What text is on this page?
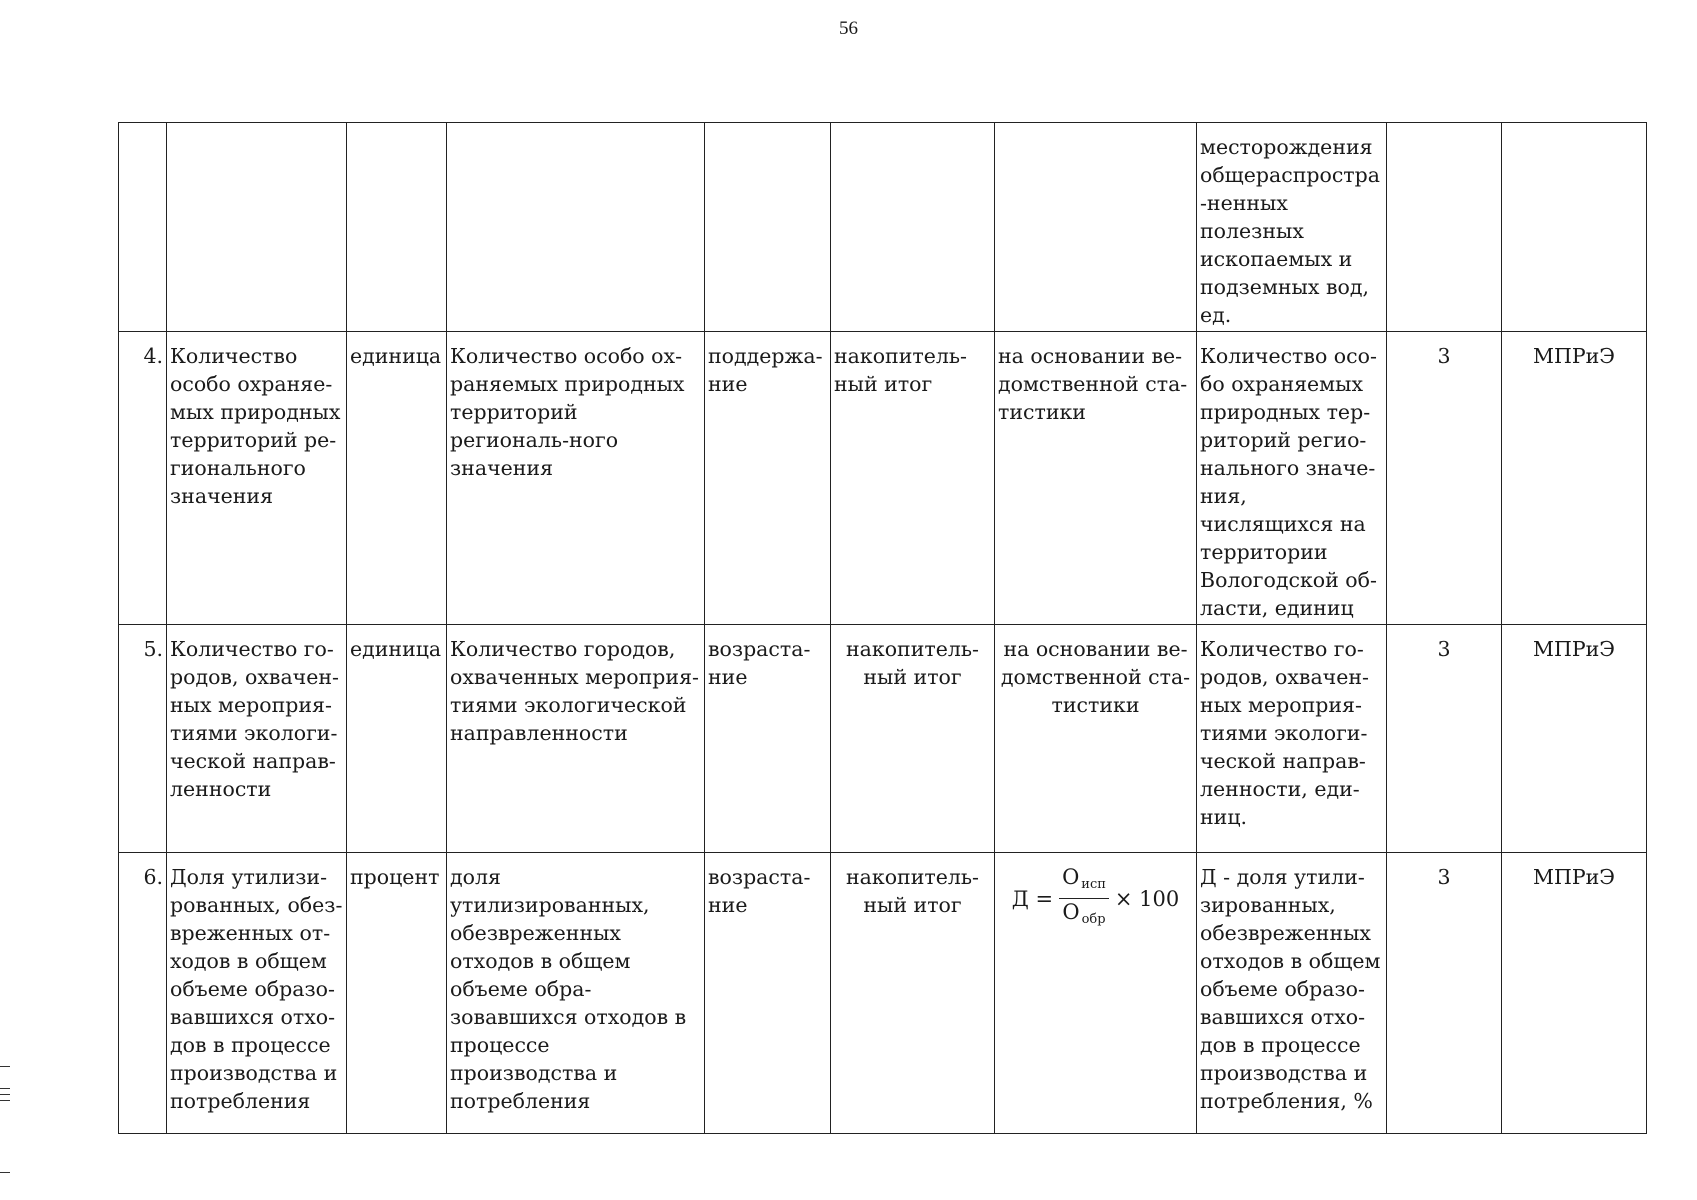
56
							месторождения общераспростра-ненных полезных ископаемых и подземных вод, ед.		
4.	Количество особо охраняе-мых природных территорий ре-гионального значения	единица	Количество особо ох-раняемых природных территорий региональ-ного значения	поддержа-ние	накопитель-ный итог	на основании ве-домственной ста-тистики	Количество осо-бо охраняемых природных тер-риторий регио-нального значе-ния, числящихся на территории Вологодской об-ласти, единиц	3	МПРиЭ
5.	Количество го-родов, охвачен-ных мероприя-тиями экологи-ческой направ-ленности	единица	Количество городов, охваченных мероприя-тиями экологической направленности	возраста-ние	накопитель-ный итог	на основании ве-домственной ста-тистики	Количество го-родов, охвачен-ных мероприя-тиями экологи-ческой направ-ленности, еди-ниц.	3	МПРиЭ
6.	Доля утилизи-рованных, обез-вреженных от-ходов в общем объеме образо-вавшихся отхо-дов в процессе производства и потребления	процент	доля утилизированных, обезвреженных отходов в общем объеме обра-зовавшихся отходов в процессе производства и потребления	возраста-ние	накопитель-ный итог	$Д = \frac{О _{исп}}{О _{обр}} \times 100$	Д - доля утили-зированных, обезвреженных отходов в общем объеме образо-вавшихся отхо-дов в процессе производства и потребления, %	3	МПРиЭ
